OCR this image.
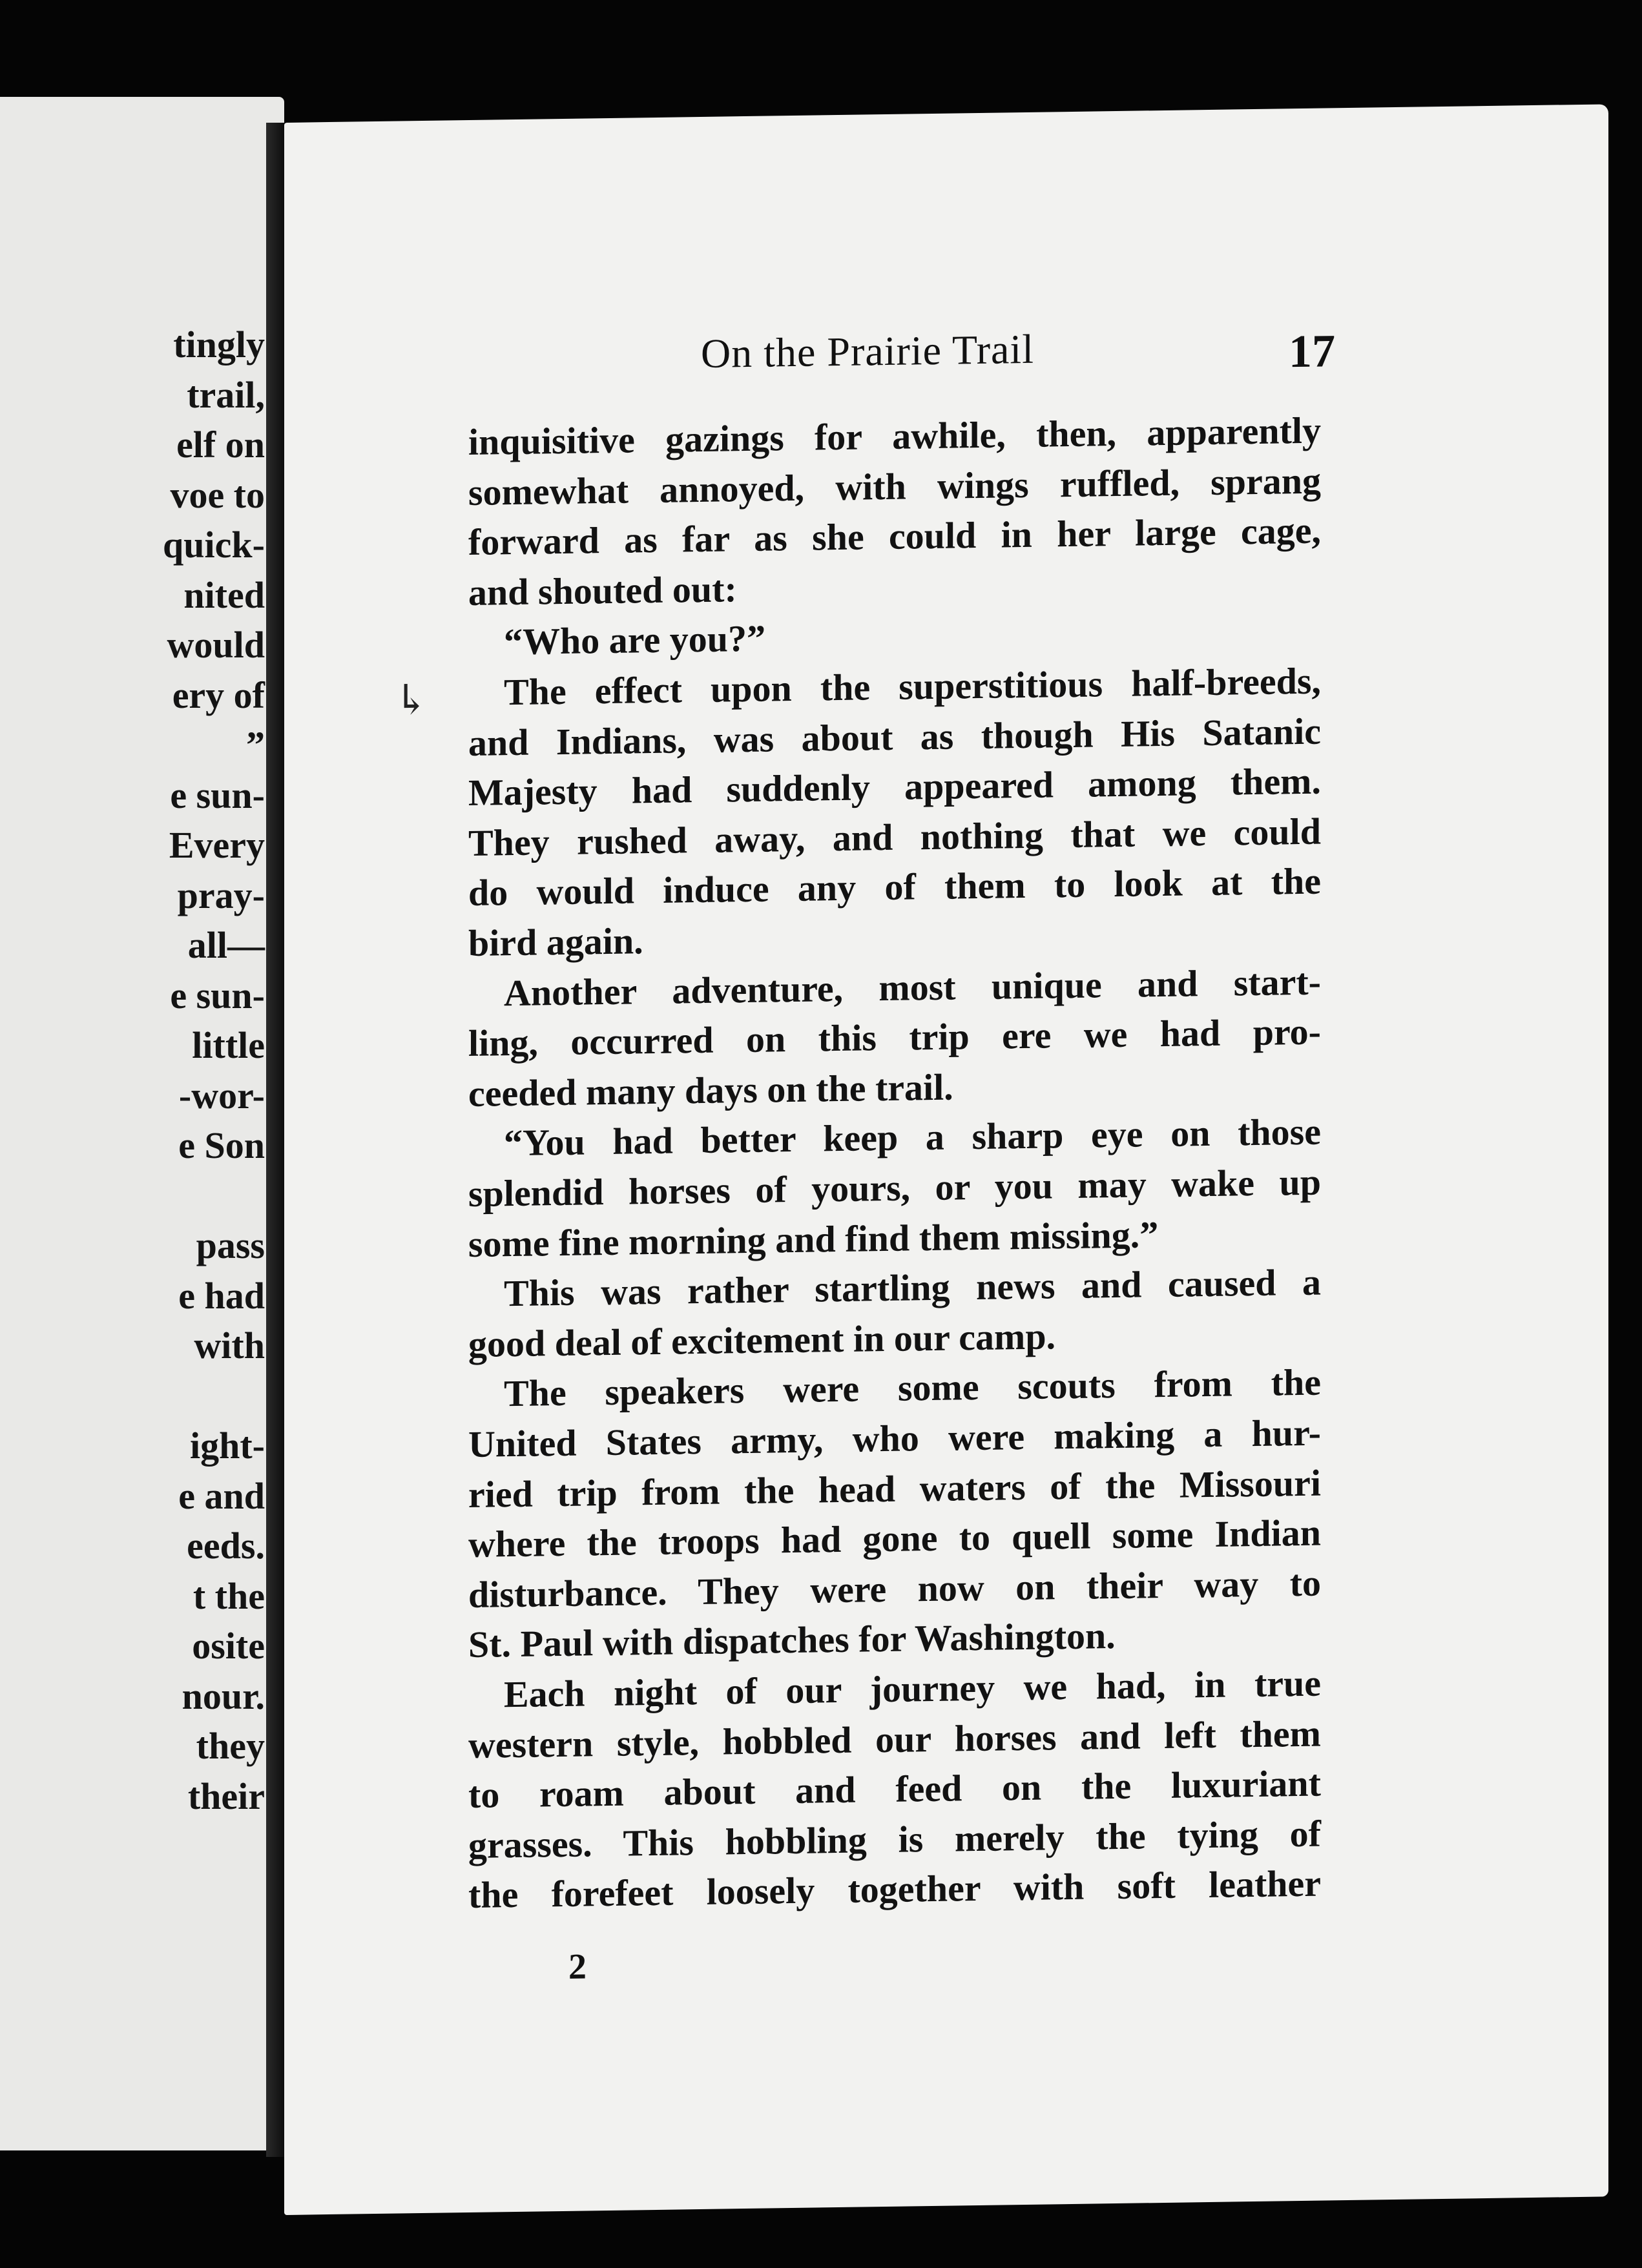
tingly
trail,
elf on
voe to
quick-
nited
would
ery of
”
e sun-
Every
pray-
all—
e sun-
little
-wor-
e Son
pass
e had
with
ight-
e and
eeds.
t the
osite
nour.
they
their
On the Prairie Trail	17
↳
2
inquisitive gazings for awhile, then, apparently
somewhat annoyed, with wings ruffled, sprang
forward as far as she could in her large cage,
and shouted out:
“Who are you?”
The effect upon the superstitious half-breeds,
and Indians, was about as though His Satanic
Majesty had suddenly appeared among them.
They rushed away, and nothing that we could
do would induce any of them to look at the
bird again.
Another adventure, most unique and start-
ling, occurred on this trip ere we had pro-
ceeded many days on the trail.
“You had better keep a sharp eye on those
splendid horses of yours, or you may wake up
some fine morning and find them missing.”
This was rather startling news and caused a
good deal of excitement in our camp.
The speakers were some scouts from the
United States army, who were making a hur-
ried trip from the head waters of the Missouri
where the troops had gone to quell some Indian
disturbance. They were now on their way to
St. Paul with dispatches for Washington.
Each night of our journey we had, in true
western style, hobbled our horses and left them
to roam about and feed on the luxuriant
grasses. This hobbling is merely the tying of
the forefeet loosely together with soft leather
